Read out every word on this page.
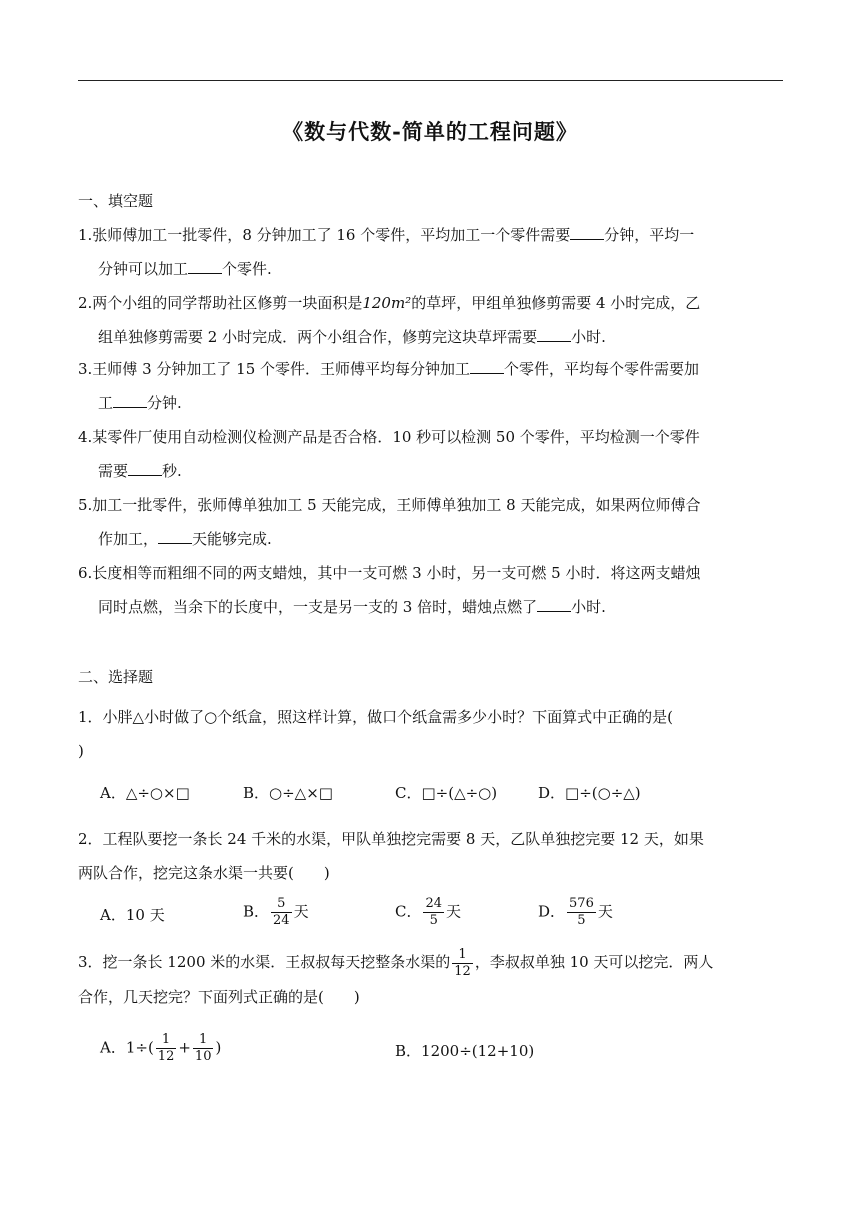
《数与代数-简单的工程问题》
一、填空题
1.张师傅加工一批零件，8 分钟加工了 16 个零件，平均加工一个零件需要 分钟，平均一
分钟可以加工 个零件.
2.两个小组的同学帮助社区修剪一块面积是120m²的草坪，甲组单独修剪需要 4 小时完成，乙
组单独修剪需要 2 小时完成．两个小组合作，修剪完这块草坪需要 小时.
3.王师傅 3 分钟加工了 15 个零件．王师傅平均每分钟加工 个零件，平均每个零件需要加
工 分钟.
4.某零件厂使用自动检测仪检测产品是否合格．10 秒可以检测 50 个零件，平均检测一个零件
需要 秒.
5.加工一批零件，张师傅单独加工 5 天能完成，王师傅单独加工 8 天能完成，如果两位师傅合
作加工， 天能够完成.
6.长度相等而粗细不同的两支蜡烛，其中一支可燃 3 小时，另一支可燃 5 小时．将这两支蜡烛
同时点燃，当余下的长度中，一支是另一支的 3 倍时，蜡烛点燃了 小时.
二、选择题
1．小胖△小时做了○个纸盒，照这样计算，做口个纸盒需多少小时？下面算式中正确的是(
)
A．△÷○×□	B．○÷△×□	C．□÷(△÷○)	D．□÷(○÷△)
2．工程队要挖一条长 24 千米的水渠，甲队单独挖完需要 8 天，乙队单独挖完要 12 天，如果
两队合作，挖完这条水渠一共要(　　)
A．10 天	B． $\frac{5}{24}$ 天	C． $\frac{24}{5}$ 天	D． $\frac{576}{5}$ 天
3．挖一条长 1200 米的水渠．王叔叔每天挖整条水渠的 $\frac{1}{12}$ ，李叔叔单独 10 天可以挖完．两人
合作，几天挖完？下面列式正确的是(　　)
A．$1\div( \frac{1}{12} + \frac{1}{10}$ )	B．1200÷(12+10)
